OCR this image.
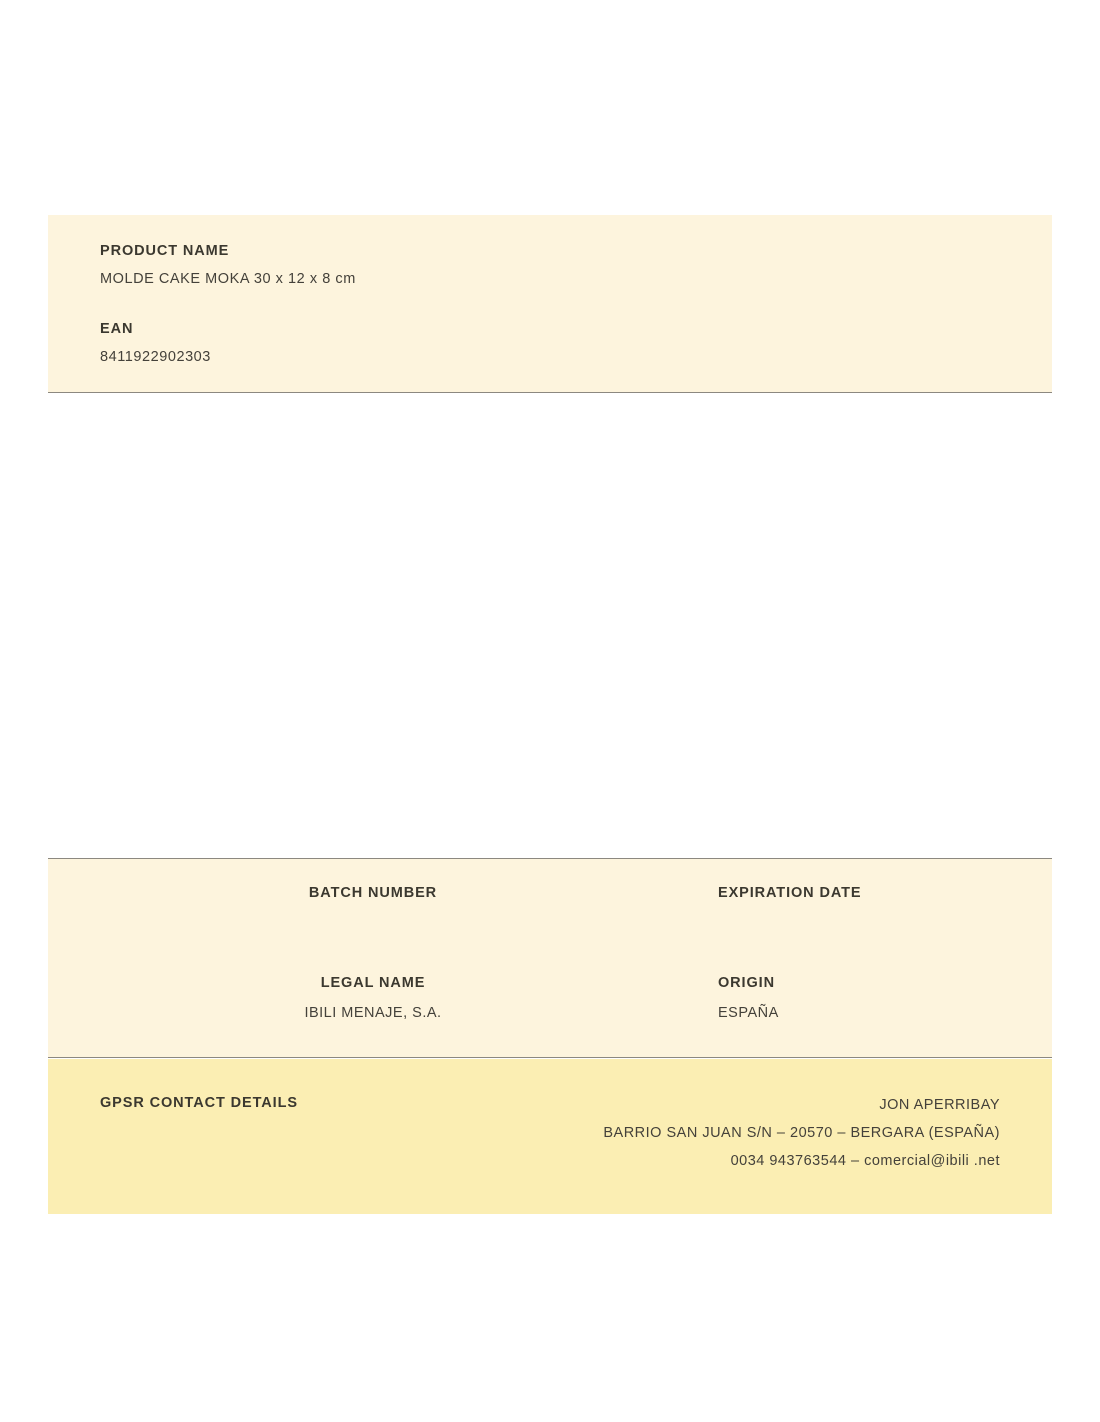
PRODUCT NAME

MOLDE CAKE MOKA 30 x 12 x 8 cm

EAN

8411922902303

BATCH NUMBER	EXPIRATION DATE

LEGAL NAME

IBILI MENAJE, S.A.

ORIGIN

ESPAÑA

GPSR CONTACT DETAILS	JON APERRIBAY
BARRIO SAN JUAN S/N – 20570 – BERGARA (ESPAÑA)
0034 943763544 – comercial@ibili .net
